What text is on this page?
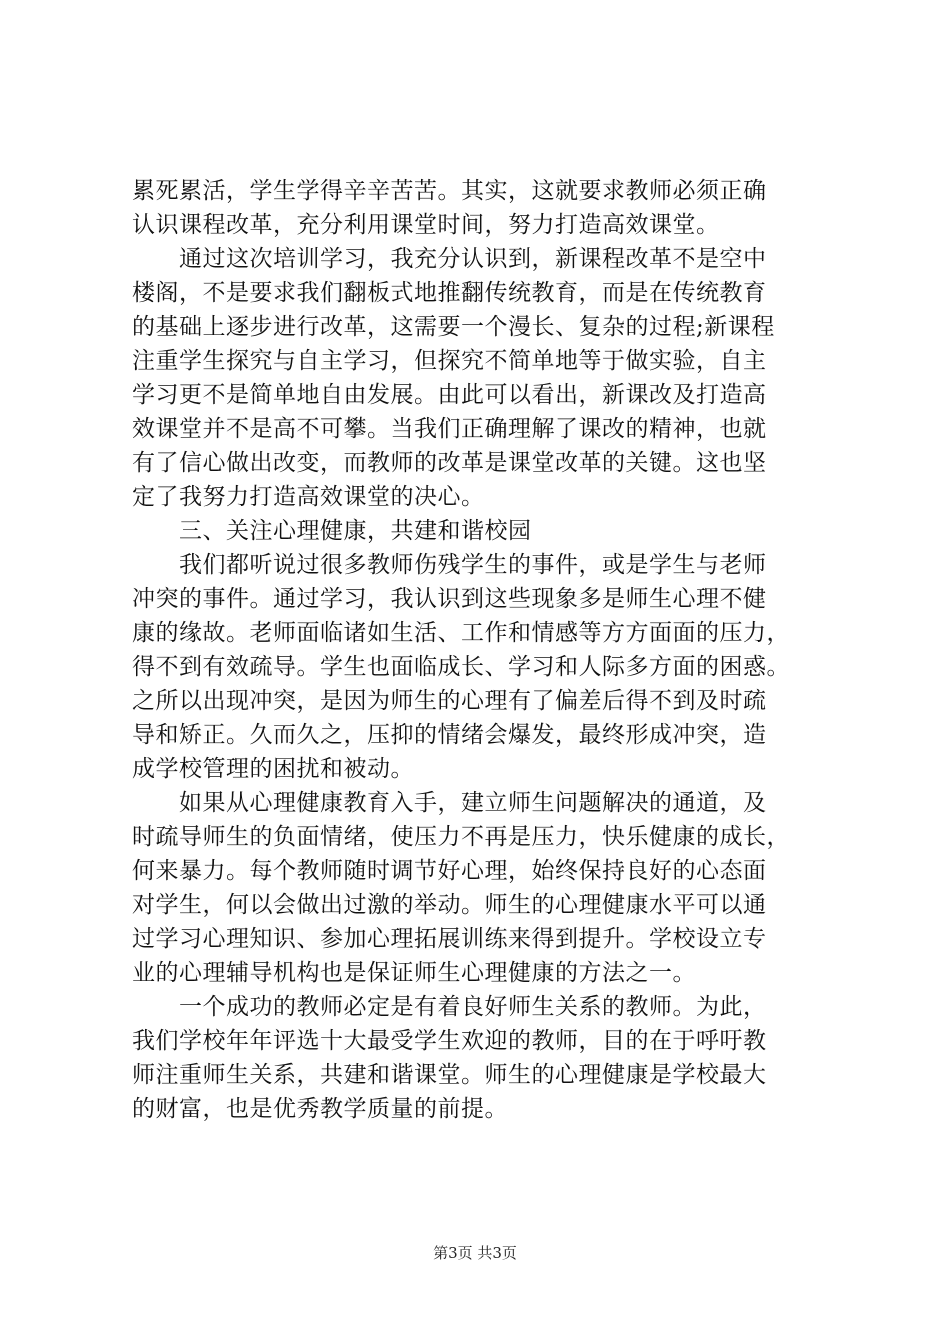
累死累活，学生学得辛辛苦苦。其实，这就要求教师必须正确
认识课程改革，充分利用课堂时间，努力打造高效课堂。
　　通过这次培训学习，我充分认识到，新课程改革不是空中
楼阁，不是要求我们翻板式地推翻传统教育，而是在传统教育
的基础上逐步进行改革，这需要一个漫长、复杂的过程;新课程
注重学生探究与自主学习，但探究不简单地等于做实验，自主
学习更不是简单地自由发展。由此可以看出，新课改及打造高
效课堂并不是高不可攀。当我们正确理解了课改的精神，也就
有了信心做出改变，而教师的改革是课堂改革的关键。这也坚
定了我努力打造高效课堂的决心。
　　三、关注心理健康，共建和谐校园
　　我们都听说过很多教师伤残学生的事件，或是学生与老师
冲突的事件。通过学习，我认识到这些现象多是师生心理不健
康的缘故。老师面临诸如生活、工作和情感等方方面面的压力，
得不到有效疏导。学生也面临成长、学习和人际多方面的困惑。
之所以出现冲突，是因为师生的心理有了偏差后得不到及时疏
导和矫正。久而久之，压抑的情绪会爆发，最终形成冲突，造
成学校管理的困扰和被动。
　　如果从心理健康教育入手，建立师生问题解决的通道，及
时疏导师生的负面情绪，使压力不再是压力，快乐健康的成长，
何来暴力。每个教师随时调节好心理，始终保持良好的心态面
对学生，何以会做出过激的举动。师生的心理健康水平可以通
过学习心理知识、参加心理拓展训练来得到提升。学校设立专
业的心理辅导机构也是保证师生心理健康的方法之一。
　　一个成功的教师必定是有着良好师生关系的教师。为此，
我们学校年年评选十大最受学生欢迎的教师，目的在于呼吁教
师注重师生关系，共建和谐课堂。师生的心理健康是学校最大
的财富，也是优秀教学质量的前提。
第3页 共3页
